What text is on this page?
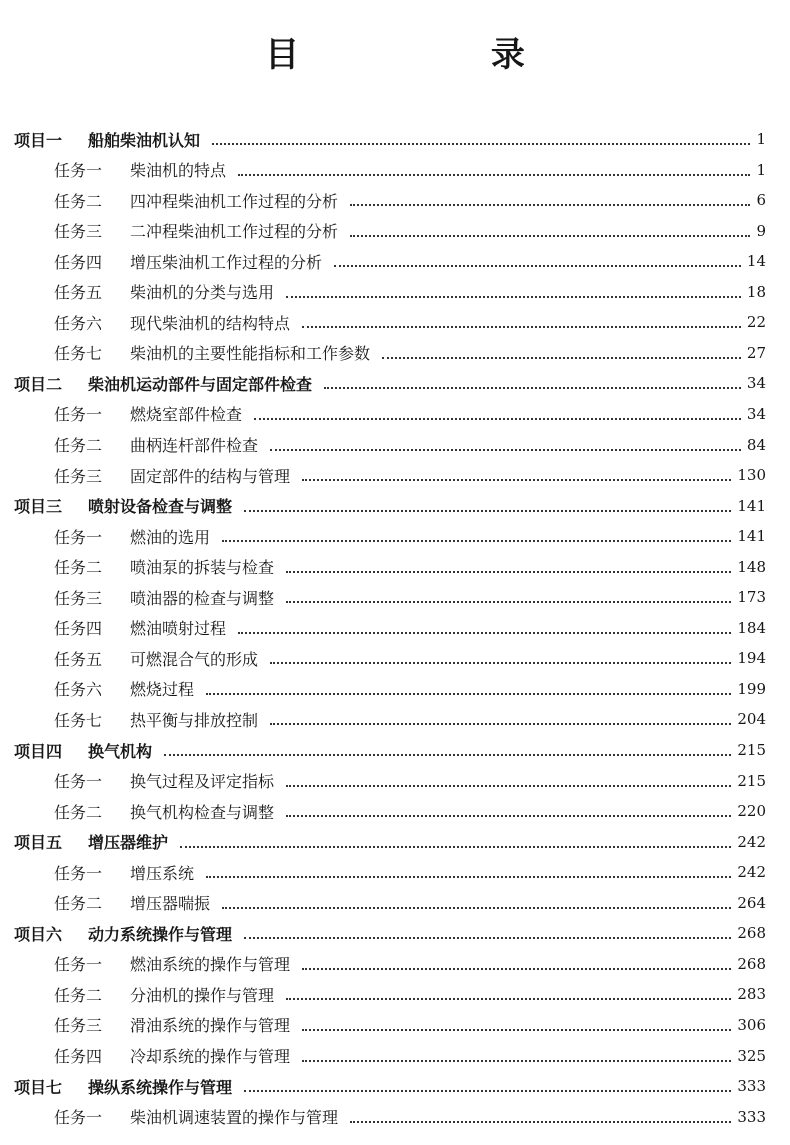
目 录
项目一	船舶柴油机认知	1
任务一	柴油机的特点	1
任务二	四冲程柴油机工作过程的分析	6
任务三	二冲程柴油机工作过程的分析	9
任务四	增压柴油机工作过程的分析	14
任务五	柴油机的分类与选用	18
任务六	现代柴油机的结构特点	22
任务七	柴油机的主要性能指标和工作参数	27
项目二	柴油机运动部件与固定部件检查	34
任务一	燃烧室部件检查	34
任务二	曲柄连杆部件检查	84
任务三	固定部件的结构与管理	130
项目三	喷射设备检查与调整	141
任务一	燃油的选用	141
任务二	喷油泵的拆装与检查	148
任务三	喷油器的检查与调整	173
任务四	燃油喷射过程	184
任务五	可燃混合气的形成	194
任务六	燃烧过程	199
任务七	热平衡与排放控制	204
项目四	换气机构	215
任务一	换气过程及评定指标	215
任务二	换气机构检查与调整	220
项目五	增压器维护	242
任务一	增压系统	242
任务二	增压器喘振	264
项目六	动力系统操作与管理	268
任务一	燃油系统的操作与管理	268
任务二	分油机的操作与管理	283
任务三	滑油系统的操作与管理	306
任务四	冷却系统的操作与管理	325
项目七	操纵系统操作与管理	333
任务一	柴油机调速装置的操作与管理	333
